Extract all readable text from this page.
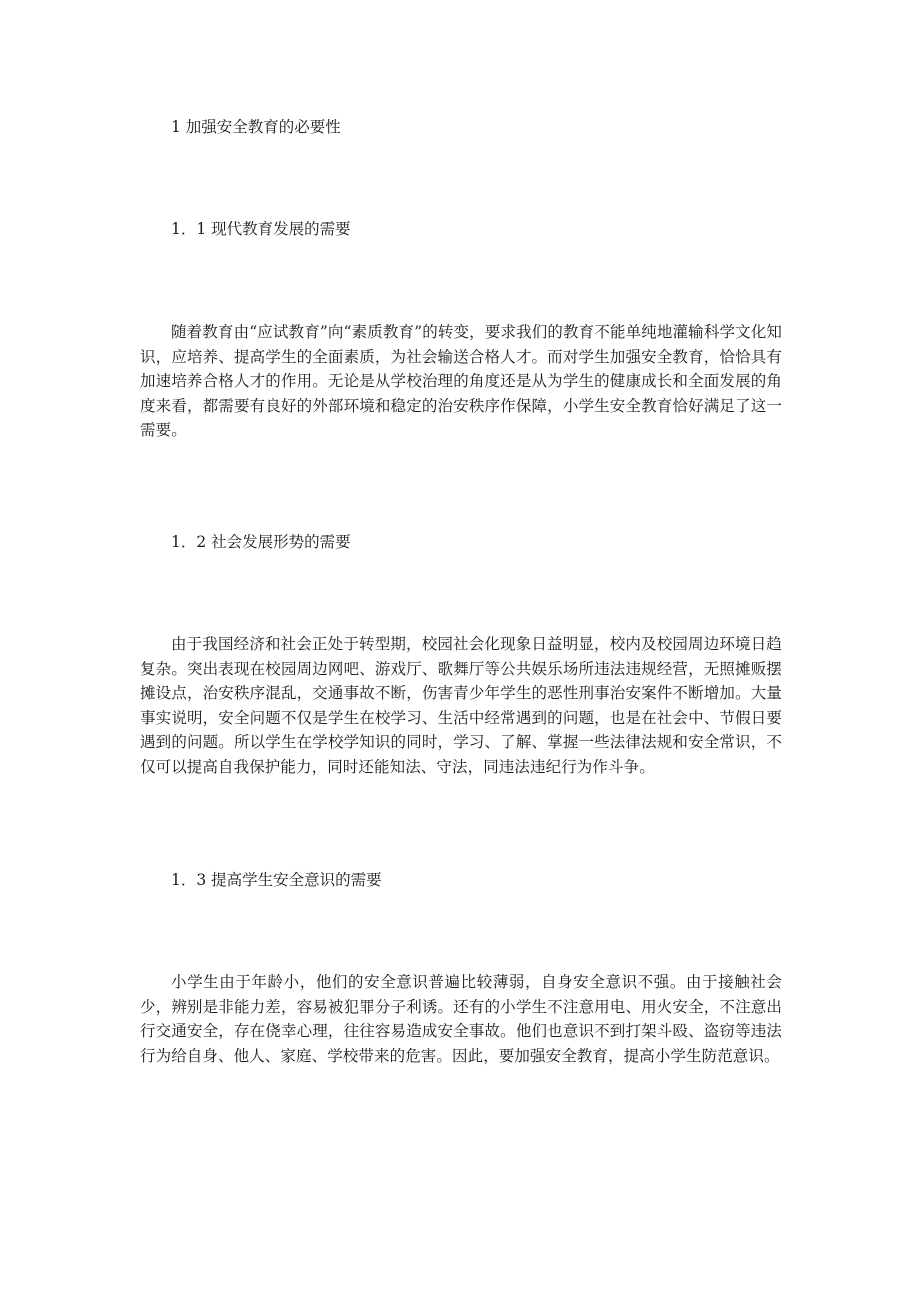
1 加强安全教育的必要性
1．1 现代教育发展的需要
随着教育由“应试教育”向“素质教育”的转变，要求我们的教育不能单纯地灌输科学文化知识，应培养、提高学生的全面素质，为社会输送合格人才。而对学生加强安全教育，恰恰具有加速培养合格人才的作用。无论是从学校治理的角度还是从为学生的健康成长和全面发展的角度来看，都需要有良好的外部环境和稳定的治安秩序作保障，小学生安全教育恰好满足了这一需要。
1．2 社会发展形势的需要
由于我国经济和社会正处于转型期，校园社会化现象日益明显，校内及校园周边环境日趋复杂。突出表现在校园周边网吧、游戏厅、歌舞厅等公共娱乐场所违法违规经营，无照摊贩摆摊设点，治安秩序混乱，交通事故不断，伤害青少年学生的恶性刑事治安案件不断增加。大量事实说明，安全问题不仅是学生在校学习、生活中经常遇到的问题，也是在社会中、节假日要遇到的问题。所以学生在学校学知识的同时，学习、了解、掌握一些法律法规和安全常识，不仅可以提高自我保护能力，同时还能知法、守法，同违法违纪行为作斗争。
1．3 提高学生安全意识的需要
小学生由于年龄小，他们的安全意识普遍比较薄弱，自身安全意识不强。由于接触社会少，辨别是非能力差，容易被犯罪分子利诱。还有的小学生不注意用电、用火安全，不注意出行交通安全，存在侥幸心理，往往容易造成安全事故。他们也意识不到打架斗殴、盗窃等违法行为给自身、他人、家庭、学校带来的危害。因此，要加强安全教育，提高小学生防范意识。
